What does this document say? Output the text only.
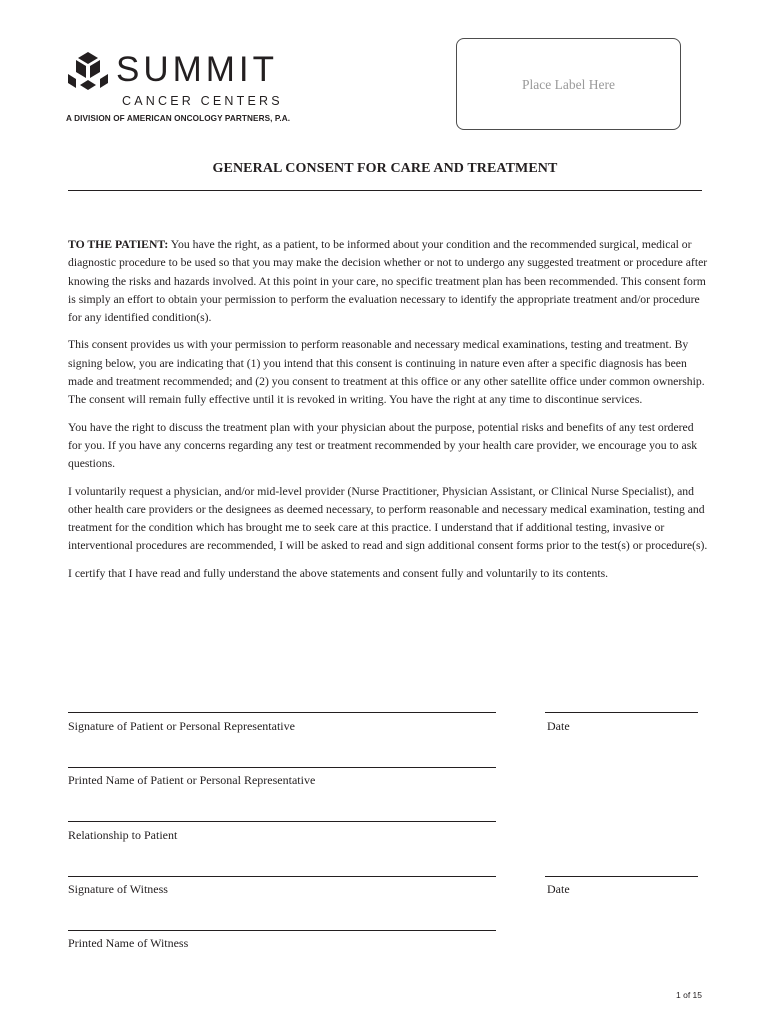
SUMMIT
CANCER CENTERS
A DIVISION OF AMERICAN ONCOLOGY PARTNERS, P.A.
Place Label Here
GENERAL CONSENT FOR CARE AND TREATMENT

TO THE PATIENT: You have the right, as a patient, to be informed about your condition and the recommended surgical, medical or diagnostic procedure to be used so that you may make the decision whether or not to undergo any suggested treatment or procedure after knowing the risks and hazards involved. At this point in your care, no specific treatment plan has been recommended. This consent form is simply an effort to obtain your permission to perform the evaluation necessary to identify the appropriate treatment and/or procedure for any identified condition(s).

This consent provides us with your permission to perform reasonable and necessary medical examinations, testing and treatment. By signing below, you are indicating that (1) you intend that this consent is continuing in nature even after a specific diagnosis has been made and treatment recommended; and (2) you consent to treatment at this office or any other satellite office under common ownership. The consent will remain fully effective until it is revoked in writing. You have the right at any time to discontinue services.

You have the right to discuss the treatment plan with your physician about the purpose, potential risks and benefits of any test ordered for you. If you have any concerns regarding any test or treatment recommended by your health care provider, we encourage you to ask questions.

I voluntarily request a physician, and/or mid-level provider (Nurse Practitioner, Physician Assistant, or Clinical Nurse Specialist), and other health care providers or the designees as deemed necessary, to perform reasonable and necessary medical examination, testing and treatment for the condition which has brought me to seek care at this practice. I understand that if additional testing, invasive or interventional procedures are recommended, I will be asked to read and sign additional consent forms prior to the test(s) or procedure(s).

I certify that I have read and fully understand the above statements and consent fully and voluntarily to its contents.

Signature of Patient or Personal Representative	Date
Printed Name of Patient or Personal Representative
Relationship to Patient
Signature of Witness	Date
Printed Name of Witness
1 of 15
